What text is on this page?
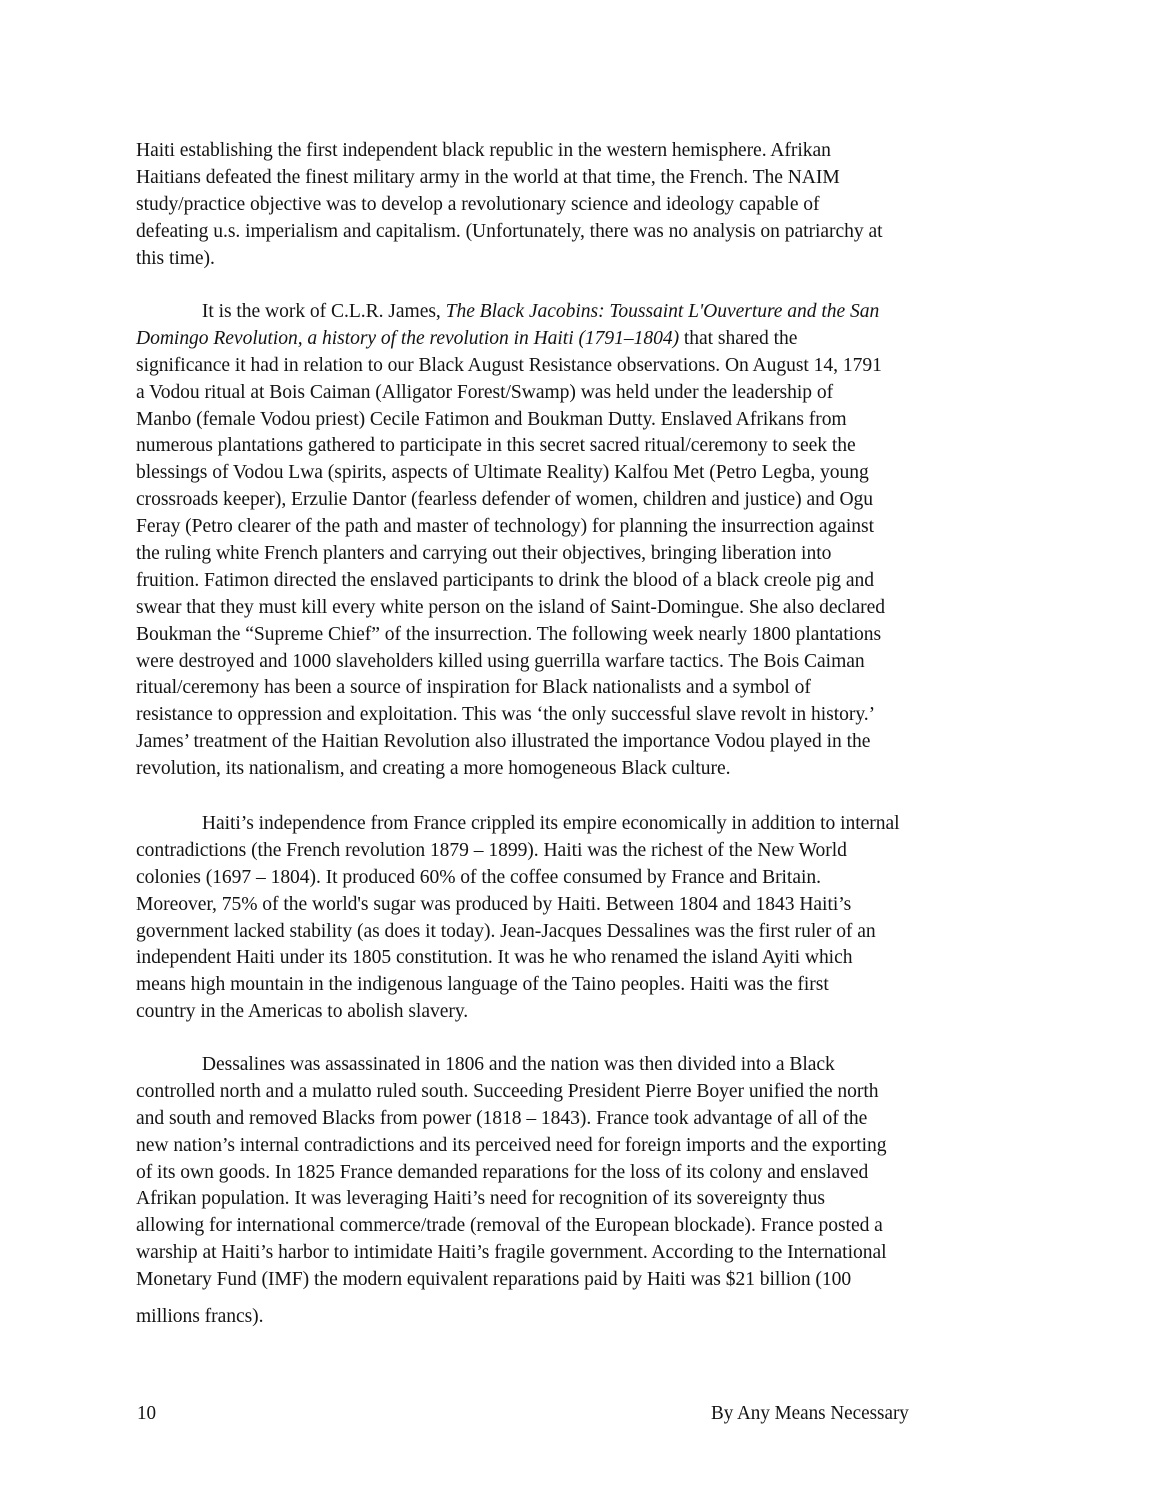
Haiti establishing the first independent black republic in the western hemisphere. Afrikan
Haitians defeated the finest military army in the world at that time, the French. The NAIM
study/practice objective was to develop a revolutionary science and ideology capable of
defeating u.s. imperialism and capitalism. (Unfortunately, there was no analysis on patriarchy at
this time).
It is the work of C.L.R. James, The Black Jacobins: Toussaint L'Ouverture and the San
Domingo Revolution, a history of the revolution in Haiti (1791–1804) that shared the
significance it had in relation to our Black August Resistance observations. On August 14, 1791
a Vodou ritual at Bois Caiman (Alligator Forest/Swamp) was held under the leadership of
Manbo (female Vodou priest) Cecile Fatimon and Boukman Dutty. Enslaved Afrikans from
numerous plantations gathered to participate in this secret sacred ritual/ceremony to seek the
blessings of Vodou Lwa (spirits, aspects of Ultimate Reality) Kalfou Met (Petro Legba, young
crossroads keeper), Erzulie Dantor (fearless defender of women, children and justice) and Ogu
Feray (Petro clearer of the path and master of technology) for planning the insurrection against
the ruling white French planters and carrying out their objectives, bringing liberation into
fruition. Fatimon directed the enslaved participants to drink the blood of a black creole pig and
swear that they must kill every white person on the island of Saint-Domingue. She also declared
Boukman the “Supreme Chief” of the insurrection. The following week nearly 1800 plantations
were destroyed and 1000 slaveholders killed using guerrilla warfare tactics. The Bois Caiman
ritual/ceremony has been a source of inspiration for Black nationalists and a symbol of
resistance to oppression and exploitation. This was ‘the only successful slave revolt in history.’
James’ treatment of the Haitian Revolution also illustrated the importance Vodou played in the
revolution, its nationalism, and creating a more homogeneous Black culture.
Haiti’s independence from France crippled its empire economically in addition to internal
contradictions (the French revolution 1879 – 1899). Haiti was the richest of the New World
colonies (1697 – 1804). It produced 60% of the coffee consumed by France and Britain.
Moreover, 75% of the world's sugar was produced by Haiti. Between 1804 and 1843 Haiti’s
government lacked stability (as does it today). Jean-Jacques Dessalines was the first ruler of an
independent Haiti under its 1805 constitution. It was he who renamed the island Ayiti which
means high mountain in the indigenous language of the Taino peoples. Haiti was the first
country in the Americas to abolish slavery.
Dessalines was assassinated in 1806 and the nation was then divided into a Black
controlled north and a mulatto ruled south. Succeeding President Pierre Boyer unified the north
and south and removed Blacks from power (1818 – 1843). France took advantage of all of the
new nation’s internal contradictions and its perceived need for foreign imports and the exporting
of its own goods. In 1825 France demanded reparations for the loss of its colony and enslaved
Afrikan population. It was leveraging Haiti’s need for recognition of its sovereignty thus
allowing for international commerce/trade (removal of the European blockade). France posted a
warship at Haiti’s harbor to intimidate Haiti’s fragile government. According to the International
Monetary Fund (IMF) the modern equivalent reparations paid by Haiti was $21 billion (100
millions francs).
10	By Any Means Necessary
